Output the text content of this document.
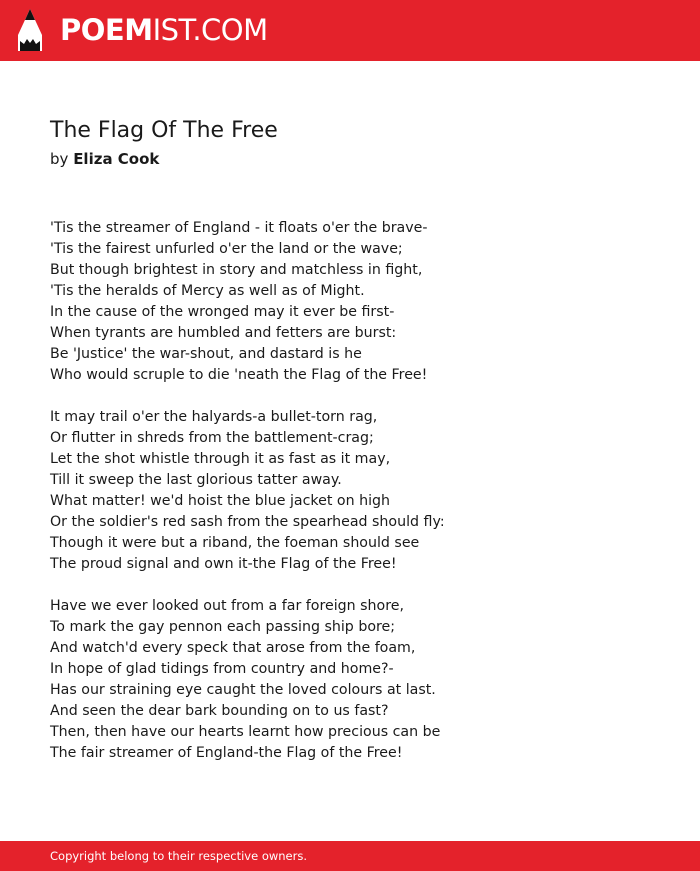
POEMIST.COM
The Flag Of The Free
by Eliza Cook
'Tis the streamer of England - it floats o'er the brave-
'Tis the fairest unfurled o'er the land or the wave;
But though brightest in story and matchless in fight,
'Tis the heralds of Mercy as well as of Might.
In the cause of the wronged may it ever be first-
When tyrants are humbled and fetters are burst:
Be 'Justice' the war-shout, and dastard is he
Who would scruple to die 'neath the Flag of the Free!
It may trail o'er the halyards-a bullet-torn rag,
Or flutter in shreds from the battlement-crag;
Let the shot whistle through it as fast as it may,
Till it sweep the last glorious tatter away.
What matter! we'd hoist the blue jacket on high
Or the soldier's red sash from the spearhead should fly:
Though it were but a riband, the foeman should see
The proud signal and own it-the Flag of the Free!
Have we ever looked out from a far foreign shore,
To mark the gay pennon each passing ship bore;
And watch'd every speck that arose from the foam,
In hope of glad tidings from country and home?-
Has our straining eye caught the loved colours at last.
And seen the dear bark bounding on to us fast?
Then, then have our hearts learnt how precious can be
The fair streamer of England-the Flag of the Free!
Copyright belong to their respective owners.
